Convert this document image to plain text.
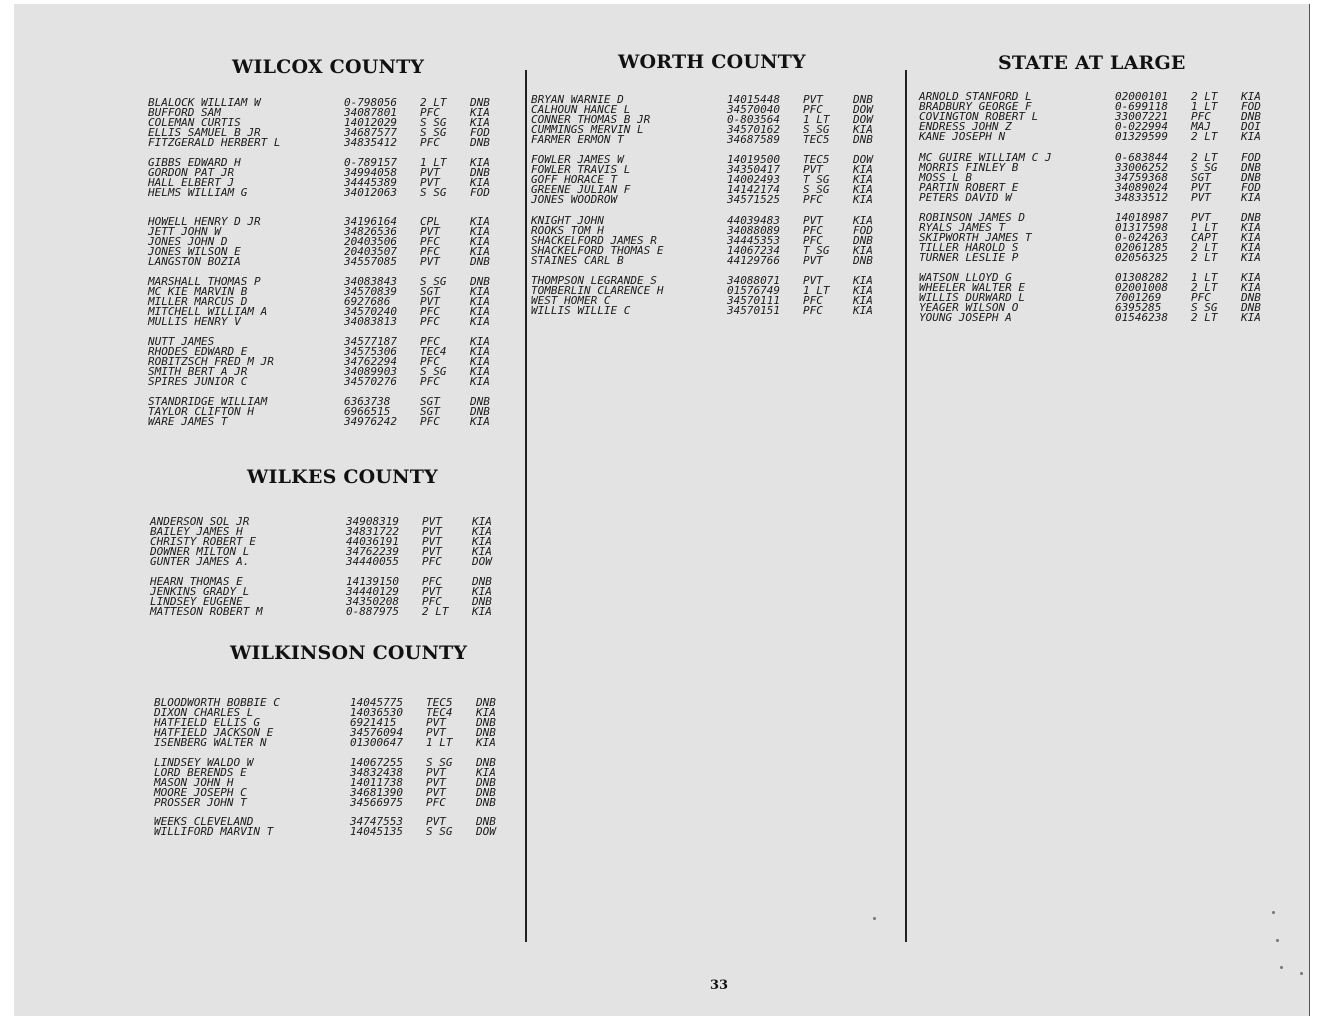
WILCOX COUNTY
BLALOCK WILLIAM W	0-798056 2 LT DNB
BUFFORD SAM	34087801 PFC	KIA
COLEMAN CURTIS	14012029 S SG KIA
ELLIS SAMUEL B JR	34687577 S SG FOD
FITZGERALD HERBERT L	34835412 PFC	DNB
GIBBS EDWARD H	0-789157 1 LT KIA
GORDON PAT JR	34994058 PVT	DNB
HALL ELBERT J	34445389 PVT	KIA
HELMS WILLIAM G	34012063 S SG FOD
HOWELL HENRY D JR	34196164 CPL	KIA
JETT JOHN W	34826536 PVT	KIA
JONES JOHN D	20403506 PFC	KIA
JONES WILSON E	20403507 PFC	KIA
LANGSTON BOZIA	34557085 PVT	DNB
MARSHALL THOMAS P	34083843 S SG DNB
MC KIE MARVIN B	34570839 SGT	KIA
MILLER MARCUS D	6927686	PVT	KIA
MITCHELL WILLIAM A	34570240 PFC	KIA
MULLIS HENRY V	34083813 PFC	KIA
NUTT JAMES	34577187 PFC	KIA
RHODES EDWARD E	34575306 TEC4 KIA
ROBITZSCH FRED M JR	34762294 PFC	KIA
SMITH BERT A JR	34089903 S SG KIA
SPIRES JUNIOR C	34570276 PFC	KIA
STANDRIDGE WILLIAM	6363738	SGT	DNB
TAYLOR CLIFTON H	6966515	SGT	DNB
WARE JAMES T	34976242 PFC	KIA
WILKES COUNTY
ANDERSON SOL JR	34908319 PVT	KIA
BAILEY JAMES H	34831722 PVT	KIA
CHRISTY ROBERT E	44036191 PVT	KIA
DOWNER MILTON L	34762239 PVT	KIA
GUNTER JAMES A.	34440055 PFC	DOW
HEARN THOMAS E	14139150 PFC	DNB
JENKINS GRADY L	34440129 PVT	KIA
LINDSEY EUGENE	34350208 PFC	DNB
MATTESON ROBERT M	0-887975 2 LT KIA
WILKINSON COUNTY
BLOODWORTH BOBBIE C	14045775 TEC5 DNB
DIXON CHARLES L	14036530 TEC4 KIA
HATFIELD ELLIS G	6921415	PVT	DNB
HATFIELD JACKSON E	34576094 PVT	DNB
ISENBERG WALTER N	01300647 1 LT KIA
LINDSEY WALDO W	14067255 S SG DNB
LORD BERENDS E	34832438 PVT	KIA
MASON JOHN H	14011738 PVT	DNB
MOORE JOSEPH C	34681390 PVT	DNB
PROSSER JOHN T	34566975 PFC	DNB
WEEKS CLEVELAND	34747553 PVT	DNB
WILLIFORD MARVIN T	14045135 S SG DOW
WORTH COUNTY
BRYAN WARNIE D	14015448 PVT	DNB
CALHOUN HANCE L	34570040 PFC	DOW
CONNER THOMAS B JR	0-803564 1 LT DOW
CUMMINGS MERVIN L	34570162 S SG KIA
FARMER ERMON T	34687589 TEC5 DNB
FOWLER JAMES W	14019500 TEC5 DOW
FOWLER TRAVIS L	34350417 PVT	KIA
GOFF HORACE T	14002493 T SG KIA
GREENE JULIAN F	14142174 S SG KIA
JONES WOODROW	34571525 PFC	KIA
KNIGHT JOHN	44039483 PVT	KIA
ROOKS TOM H	34088089 PFC	FOD
SHACKELFORD JAMES R	34445353 PFC	DNB
SHACKELFORD THOMAS E	14067234 T SG KIA
STAINES CARL B	44129766 PVT	DNB
THOMPSON LEGRANDE S	34088071 PVT	KIA
TOMBERLIN CLARENCE H	01576749 1 LT KIA
WEST HOMER C	34570111 PFC	KIA
WILLIS WILLIE C	34570151 PFC	KIA
STATE AT LARGE
ARNOLD STANFORD L	02000101 2 LT KIA
BRADBURY GEORGE F	0-699118 1 LT FOD
COVINGTON ROBERT L	33007221 PFC	DNB
ENDRESS JOHN Z	0-022994 MAJ	DOI
KANE JOSEPH N	01329599 2 LT KIA
MC GUIRE WILLIAM C J	0-683844 2 LT FOD
MORRIS FINLEY B	33006252 S SG DNB
MOSS L B	34759368 SGT	DNB
PARTIN ROBERT E	34089024 PVT	FOD
PETERS DAVID W	34833512 PVT	KIA
ROBINSON JAMES D	14018987 PVT	DNB
RYALS JAMES T	01317598 1 LT KIA
SKIPWORTH JAMES T	0-024263 CAPT KIA
TILLER HAROLD S	02061285 2 LT KIA
TURNER LESLIE P	02056325 2 LT KIA
WATSON LLOYD G	01308282 1 LT KIA
WHEELER WALTER E	02001008 2 LT KIA
WILLIS DURWARD L	7001269	PFC	DNB
YEAGER WILSON O	6395285	S SG DNB
YOUNG JOSEPH A	01546238 2 LT KIA
33
